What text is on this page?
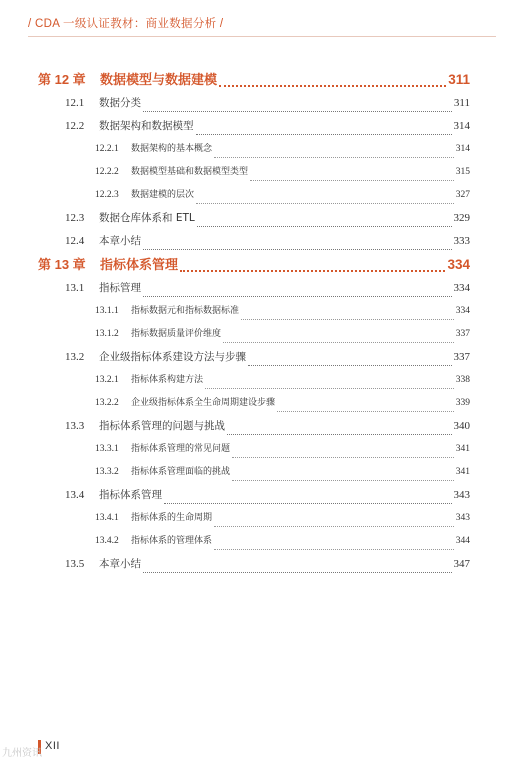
/ CDA 一级认证教材：商业数据分析 /
第 12 章	数据模型与数据建模	311
12.1	数据分类	311
12.2	数据架构和数据模型	314
12.2.1	数据架构的基本概念	314
12.2.2	数据模型基础和数据模型类型	315
12.2.3	数据建模的层次	327
12.3	数据仓库体系和 ETL	329
12.4	本章小结	333
第 13 章	指标体系管理	334
13.1	指标管理	334
13.1.1	指标数据元和指标数据标准	334
13.1.2	指标数据质量评价维度	337
13.2	企业级指标体系建设方法与步骤	337
13.2.1	指标体系构建方法	338
13.2.2	企业级指标体系全生命周期建设步骤	339
13.3	指标体系管理的问题与挑战	340
13.3.1	指标体系管理的常见问题	341
13.3.2	指标体系管理面临的挑战	341
13.4	指标体系管理	343
13.4.1	指标体系的生命周期	343
13.4.2	指标体系的管理体系	344
13.5	本章小结	347
XII
九州资讯
